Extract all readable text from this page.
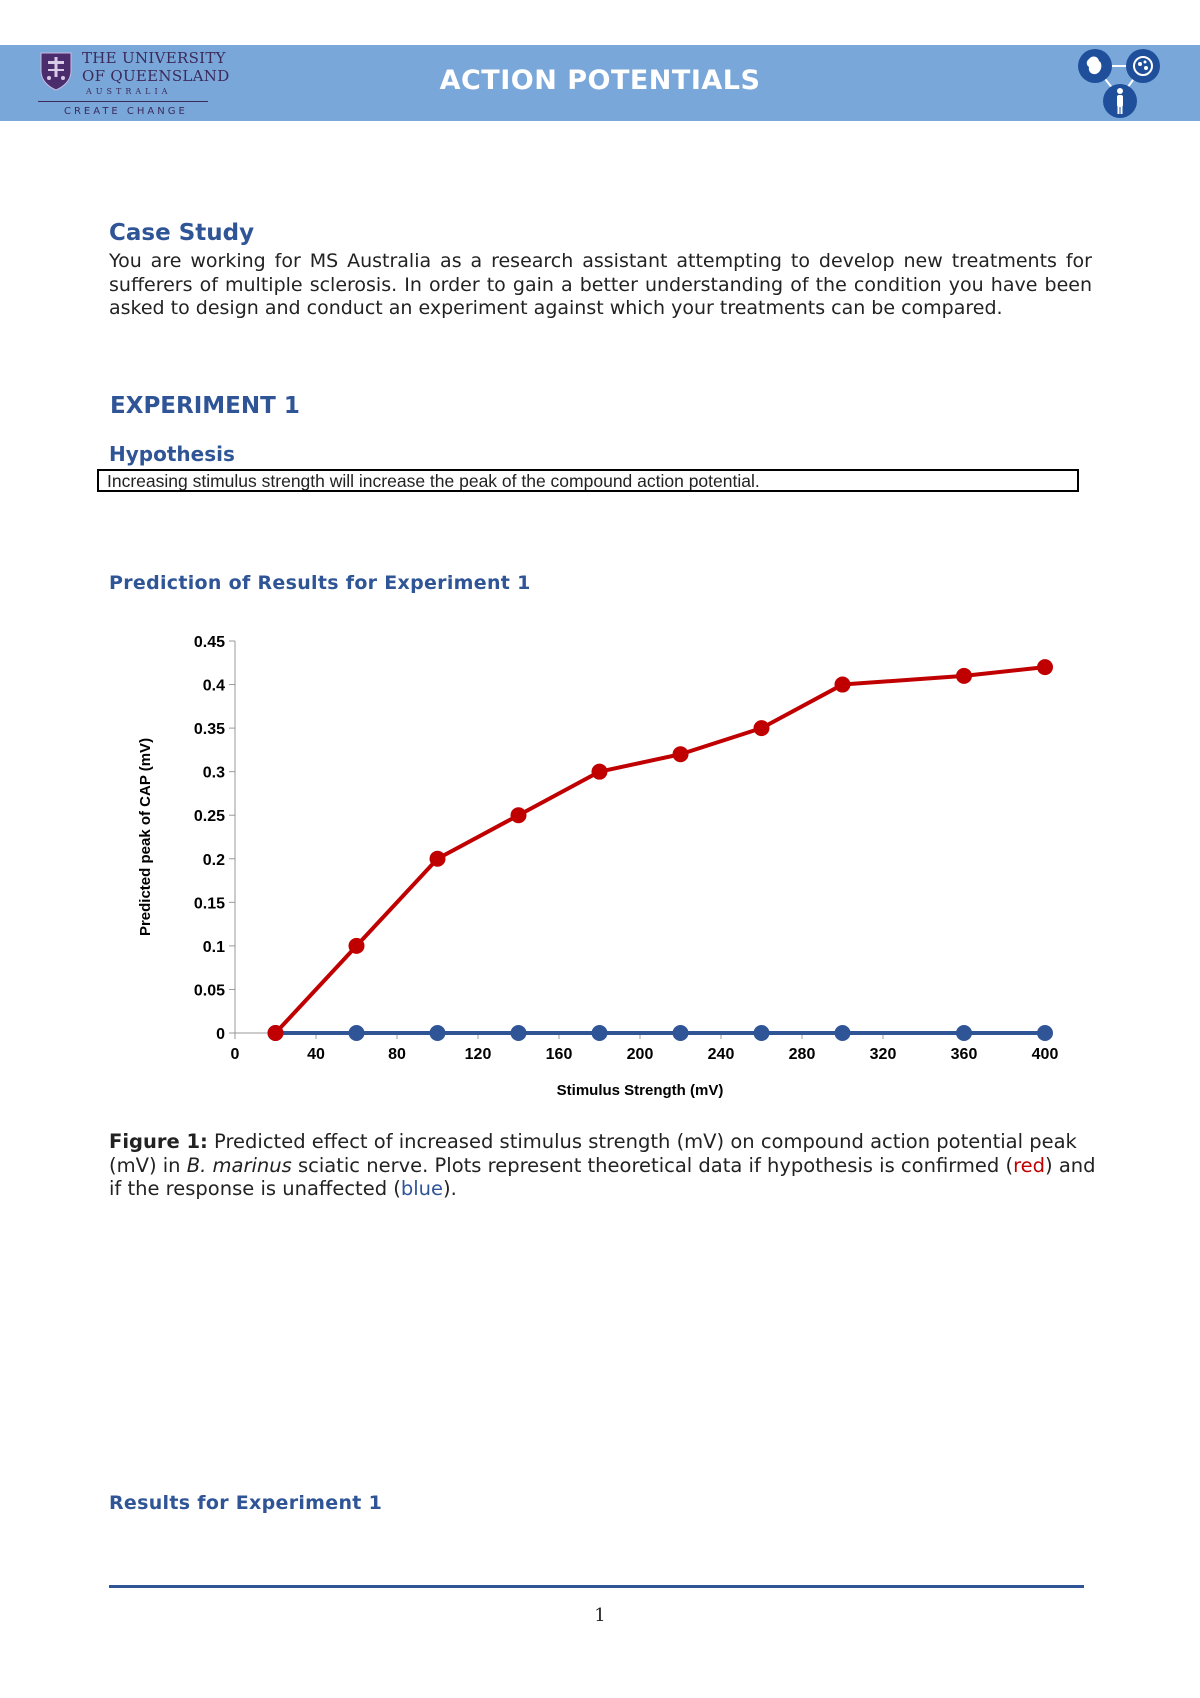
THE UNIVERSITY
OF QUEENSLAND
AUSTRALIA
CREATE CHANGE
ACTION POTENTIALS
Case Study

You are working for MS Australia as a research assistant attempting to develop new treatments for sufferers of multiple sclerosis. In order to gain a better understanding of the condition you have been asked to design and conduct an experiment against which your treatments can be compared.

EXPERIMENT 1
Hypothesis
Increasing stimulus strength will increase the peak of the compound action potential.
Prediction of Results for Experiment 1
0
0.05
0.1
0.15
0.2
0.25
0.3
0.35
0.4
0.45
0	40	80	120	160	200	240	280	320	360	400
Stimulus Strength (mV)
Predicted peak of CAP (mV)

Figure 1: Predicted effect of increased stimulus strength (mV) on compound action potential peak (mV) in B. marinus sciatic nerve. Plots represent theoretical data if hypothesis is confirmed (red) and if the response is unaffected (blue).

Results for Experiment 1
1
